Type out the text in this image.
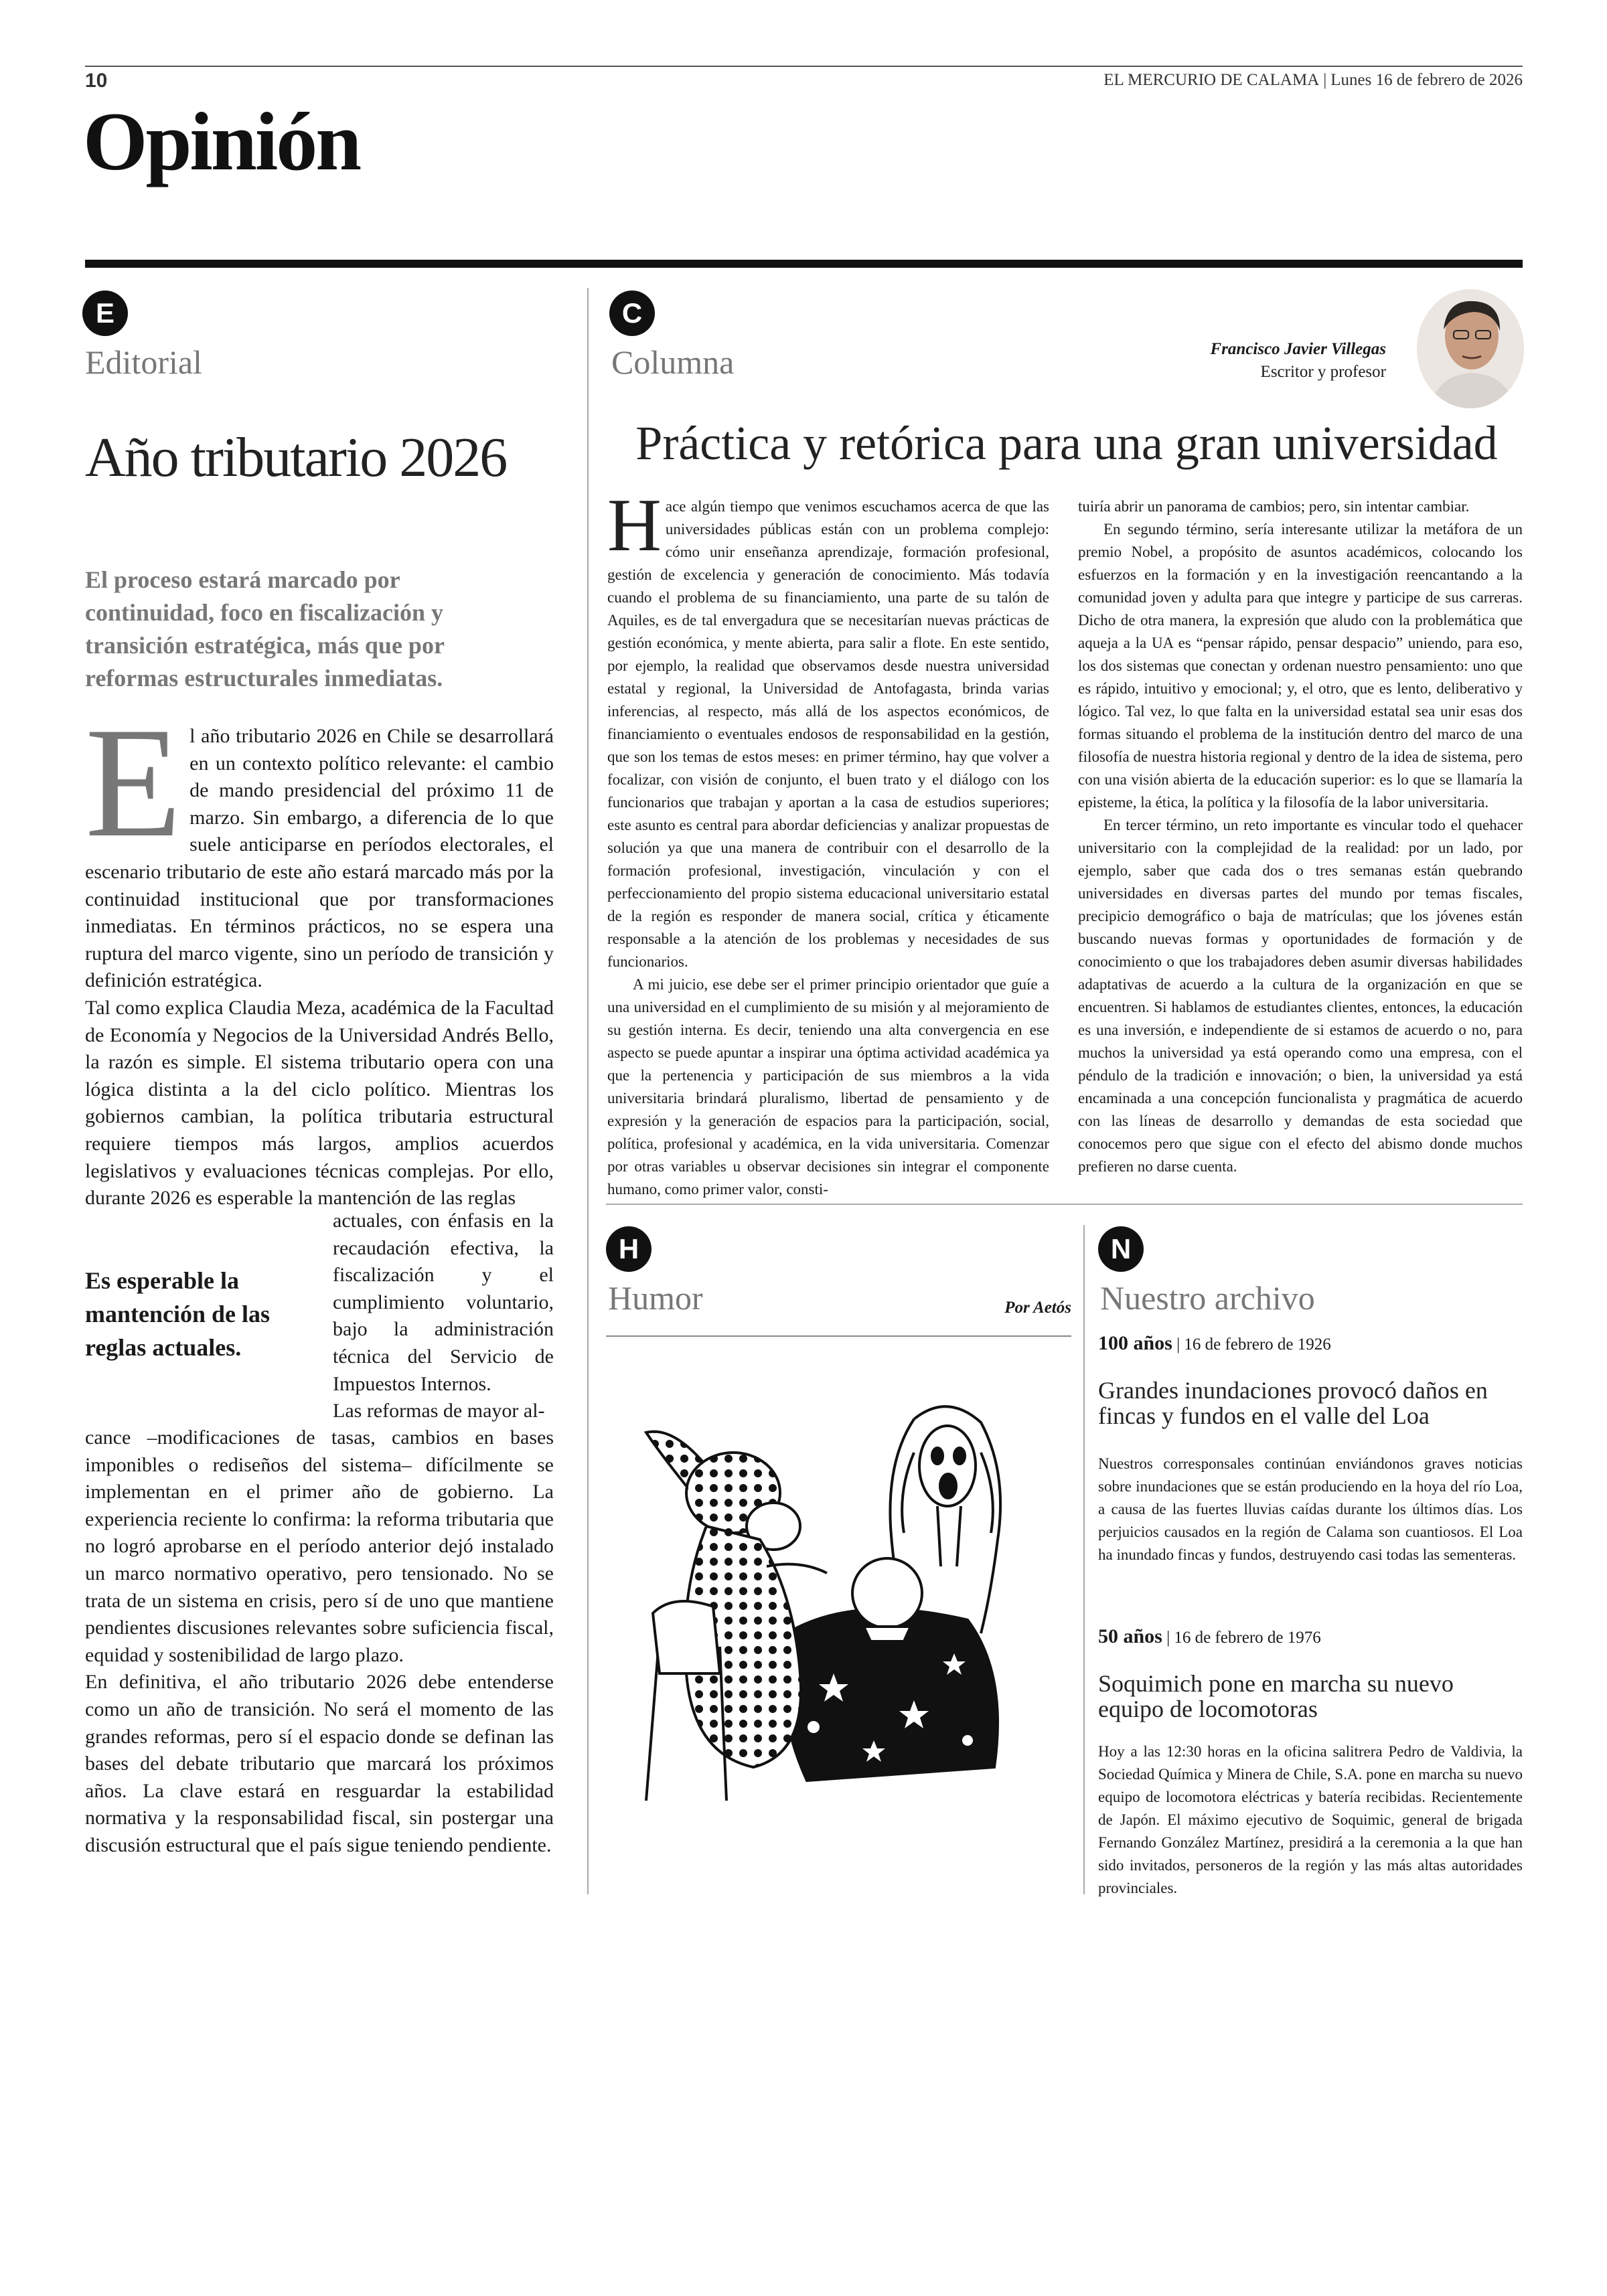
10	EL MERCURIO DE CALAMA | Lunes 16 de febrero de 2026
Opinión
E
Editorial
Año tributario 2026
El proceso estará marcado por continuidad, foco en fiscalización y transición estratégica, más que por reformas estructurales inmediatas.
E l año tributario 2026 en Chile se desarrollará en un contexto político relevante: el cambio de mando presidencial del próximo 11 de marzo. Sin embargo, a diferencia de lo que suele anticiparse en períodos electorales, el escenario tributario de este año estará marcado más por la continuidad institucional que por transformaciones inmediatas. En términos prácticos, no se espera una ruptura del marco vigente, sino un período de transición y definición estratégica.

Tal como explica Claudia Meza, académica de la Facultad de Economía y Negocios de la Universidad Andrés Bello, la razón es simple. El sistema tributario opera con una lógica distinta a la del ciclo político. Mientras los gobiernos cambian, la política tributaria estructural requiere tiempos más largos, amplios acuerdos legislativos y evaluaciones técnicas complejas. Por ello, durante 2026 es esperable la mantención de las reglas

Es esperable la mantención de las reglas actuales.

actuales, con énfasis en la recaudación efectiva, la fiscalización y el cumplimiento voluntario, bajo la administración técnica del Servicio de Impuestos Internos.

Las reformas de mayor al-

cance –modificaciones de tasas, cambios en bases imponibles o rediseños del sistema– difícilmente se implementan en el primer año de gobierno. La experiencia reciente lo confirma: la reforma tributaria que no logró aprobarse en el período anterior dejó instalado un marco normativo operativo, pero tensionado. No se trata de un sistema en crisis, pero sí de uno que mantiene pendientes discusiones relevantes sobre suficiencia fiscal, equidad y sostenibilidad de largo plazo.

En definitiva, el año tributario 2026 debe entenderse como un año de transición. No será el momento de las grandes reformas, pero sí el espacio donde se definan las bases del debate tributario que marcará los próximos años. La clave estará en resguardar la estabilidad normativa y la responsabilidad fiscal, sin postergar una discusión estructural que el país sigue teniendo pendiente.

C
Columna	Francisco Javier Villegas
Escritor y profesor
Práctica y retórica para una gran universidad
H ace algún tiempo que venimos escuchamos acerca de que las universidades públicas están con un problema complejo: cómo unir enseñanza aprendizaje, formación profesional, gestión de excelencia y generación de conocimiento. Más todavía cuando el problema de su financiamiento, una parte de su talón de Aquiles, es de tal envergadura que se necesitarían nuevas prácticas de gestión económica, y mente abierta, para salir a flote. En este sentido, por ejemplo, la realidad que observamos desde nuestra universidad estatal y regional, la Universidad de Antofagasta, brinda varias inferencias, al respecto, más allá de los aspectos económicos, de financiamiento o eventuales endosos de responsabilidad en la gestión, que son los temas de estos meses: en primer término, hay que volver a focalizar, con visión de conjunto, el buen trato y el diálogo con los funcionarios que trabajan y aportan a la casa de estudios superiores; este asunto es central para abordar deficiencias y analizar propuestas de solución ya que una manera de contribuir con el desarrollo de la formación profesional, investigación, vinculación y con el perfeccionamiento del propio sistema educacional universitario estatal de la región es responder de manera social, crítica y éticamente responsable a la atención de los problemas y necesidades de sus funcionarios.

A mi juicio, ese debe ser el primer principio orientador que guíe a una universidad en el cumplimiento de su misión y al mejoramiento de su gestión interna. Es decir, teniendo una alta convergencia en ese aspecto se puede apuntar a inspirar una óptima actividad académica ya que la pertenencia y participación de sus miembros a la vida universitaria brindará pluralismo, libertad de pensamiento y de expresión y la generación de espacios para la participación, social, política, profesional y académica, en la vida universitaria. Comenzar por otras variables u observar decisiones sin integrar el componente humano, como primer valor, consti-

tuiría abrir un panorama de cambios; pero, sin intentar cambiar.

En segundo término, sería interesante utilizar la metáfora de un premio Nobel, a propósito de asuntos académicos, colocando los esfuerzos en la formación y en la investigación reencantando a la comunidad joven y adulta para que integre y participe de sus carreras. Dicho de otra manera, la expresión que aludo con la problemática que aqueja a la UA es “pensar rápido, pensar despacio” uniendo, para eso, los dos sistemas que conectan y ordenan nuestro pensamiento: uno que es rápido, intuitivo y emocional; y, el otro, que es lento, deliberativo y lógico. Tal vez, lo que falta en la universidad estatal sea unir esas dos formas situando el problema de la institución dentro del marco de una filosofía de nuestra historia regional y dentro de la idea de sistema, pero con una visión abierta de la educación superior: es lo que se llamaría la episteme, la ética, la política y la filosofía de la labor universitaria.

En tercer término, un reto importante es vincular todo el quehacer universitario con la complejidad de la realidad: por un lado, por ejemplo, saber que cada dos o tres semanas están quebrando universidades en diversas partes del mundo por temas fiscales, precipicio demográfico o baja de matrículas; que los jóvenes están buscando nuevas formas y oportunidades de formación y de conocimiento o que los trabajadores deben asumir diversas habilidades adaptativas de acuerdo a la cultura de la organización en que se encuentren. Si hablamos de estudiantes clientes, entonces, la educación es una inversión, e independiente de si estamos de acuerdo o no, para muchos la universidad ya está operando como una empresa, con el péndulo de la tradición e innovación; o bien, la universidad ya está encaminada a una concepción funcionalista y pragmática de acuerdo con las líneas de desarrollo y demandas de esta sociedad que conocemos pero que sigue con el efecto del abismo donde muchos prefieren no darse cuenta.

H
Humor	Por Aetós
N
Nuestro archivo
100 años | 16 de febrero de 1926
Grandes inundaciones provocó daños en fincas y fundos en el valle del Loa
Nuestros corresponsales continúan enviándonos graves noticias sobre inundaciones que se están produciendo en la hoya del río Loa, a causa de las fuertes lluvias caídas durante los últimos días. Los perjuicios causados en la región de Calama son cuantiosos. El Loa ha inundado fincas y fundos, destruyendo casi todas las sementeras.
50 años | 16 de febrero de 1976
Soquimich pone en marcha su nuevo equipo de locomotoras
Hoy a las 12:30 horas en la oficina salitrera Pedro de Valdivia, la Sociedad Química y Minera de Chile, S.A. pone en marcha su nuevo equipo de locomotora eléctricas y batería recibidas. Recientemente de Japón. El máximo ejecutivo de Soquimic, general de brigada Fernando González Martínez, presidirá a la ceremonia a la que han sido invitados, personeros de la región y las más altas autoridades provinciales.
